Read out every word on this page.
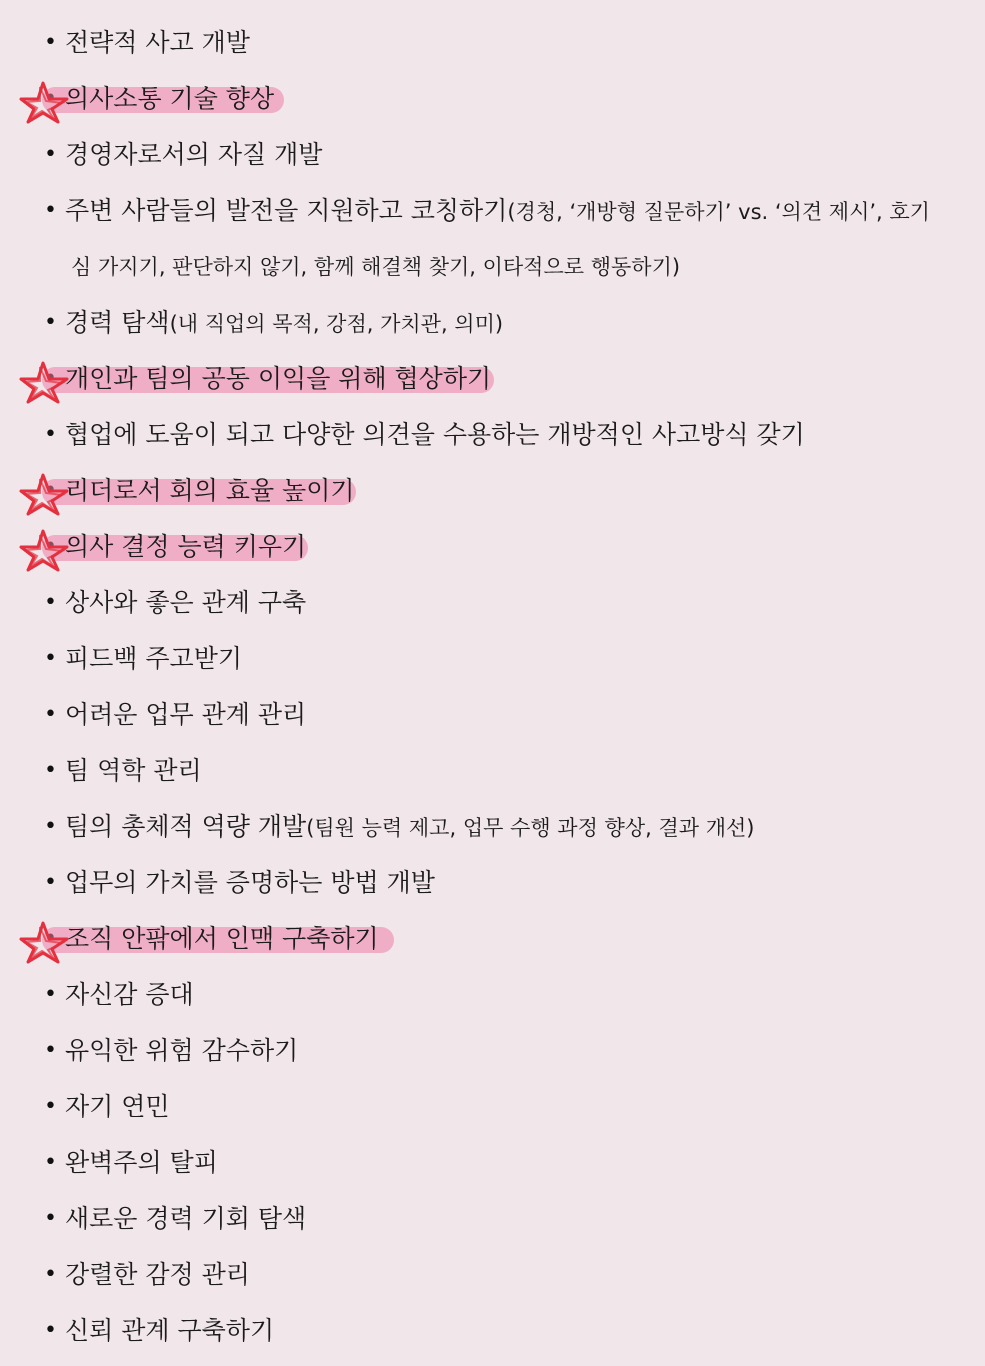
• 전략적 사고 개발
의사소통 기술 향상
• 경영자로서의 자질 개발
• 주변 사람들의 발전을 지원하고 코칭하기(경청, ‘개방형 질문하기’ vs. ‘의견 제시’, 호기
심 가지기, 판단하지 않기, 함께 해결책 찾기, 이타적으로 행동하기)
• 경력 탐색(내 직업의 목적, 강점, 가치관, 의미)
개인과 팀의 공동 이익을 위해 협상하기
• 협업에 도움이 되고 다양한 의견을 수용하는 개방적인 사고방식 갖기
리더로서 회의 효율 높이기
의사 결정 능력 키우기
• 상사와 좋은 관계 구축
• 피드백 주고받기
• 어려운 업무 관계 관리
• 팀 역학 관리
• 팀의 총체적 역량 개발(팀원 능력 제고, 업무 수행 과정 향상, 결과 개선)
• 업무의 가치를 증명하는 방법 개발
조직 안팎에서 인맥 구축하기
• 자신감 증대
• 유익한 위험 감수하기
• 자기 연민
• 완벽주의 탈피
• 새로운 경력 기회 탐색
• 강렬한 감정 관리
• 신뢰 관계 구축하기
